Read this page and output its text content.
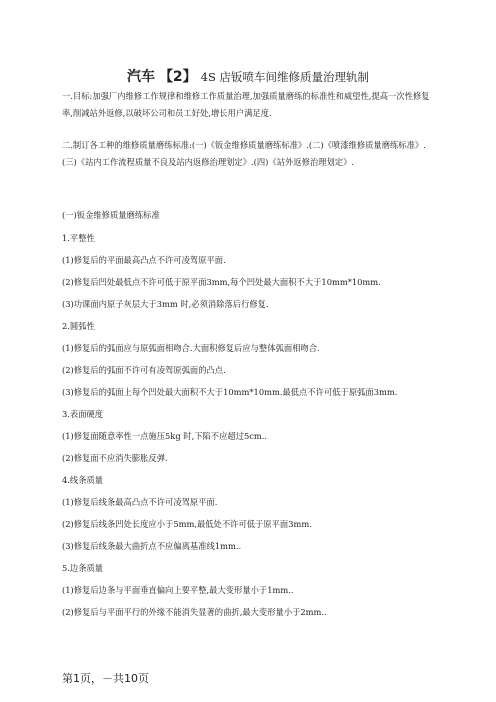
汽车 【2】 4S 店钣喷车间维修质量治理轨制
一.目标:加强厂内维修工作规律和维修工作质量治理,加强质量磨练的标准性和威望性,提高一次性修复率,削减站外返修,以破坏公司和员工好处,增长用户满足度.
二.制订各工种的维修质量磨练标准:(一)《钣金维修质量磨练标准》.(二)《喷漆维修质量磨练标准》.(三)《站内工作流程质量不良及站内返修治理划定》.(四)《站外返修治理划定》.
(一)钣金维修质量磨练标准
1.平整性
(1)修复后的平面最高凸点不许可凌驾原平面.
(2)修复后凹处最低点不许可低于原平面3mm,每个凹处最大面积不大于10mm*10mm.
(3)功课面内原子灰层大于3mm 时,必须消除落后行修复.
2.圆弧性
(1)修复后的弧面应与原弧面相吻合.大面积修复后应与整体弧面相吻合.
(2)修复后的弧面不许可有凌驾原弧面的凸点.
(3)修复后的弧面上每个凹处最大面积不大于10mm*10mm.最低点不许可低于原弧面3mm.
3.表面硬度
(1)修复面随意率性一点施压5kg 时,下陷不应超过5cm..
(2)修复面不应消失膨胀反弹.
4.线条质量
(1)修复后线条最高凸点不许可凌驾原平面.
(2)修复后线条凹处长度应小于5mm,最低处不许可低于原平面3mm.
(3)修复后线条最大曲折点不应偏离基准线1mm..
5.边条质量
(1)修复后边条与平面垂直偏向上要平整,最大变形量小于1mm..
(2)修复后与平面平行的外缘不能消失显著的曲折,最大变形量小于2mm..
第1页，－共10页
